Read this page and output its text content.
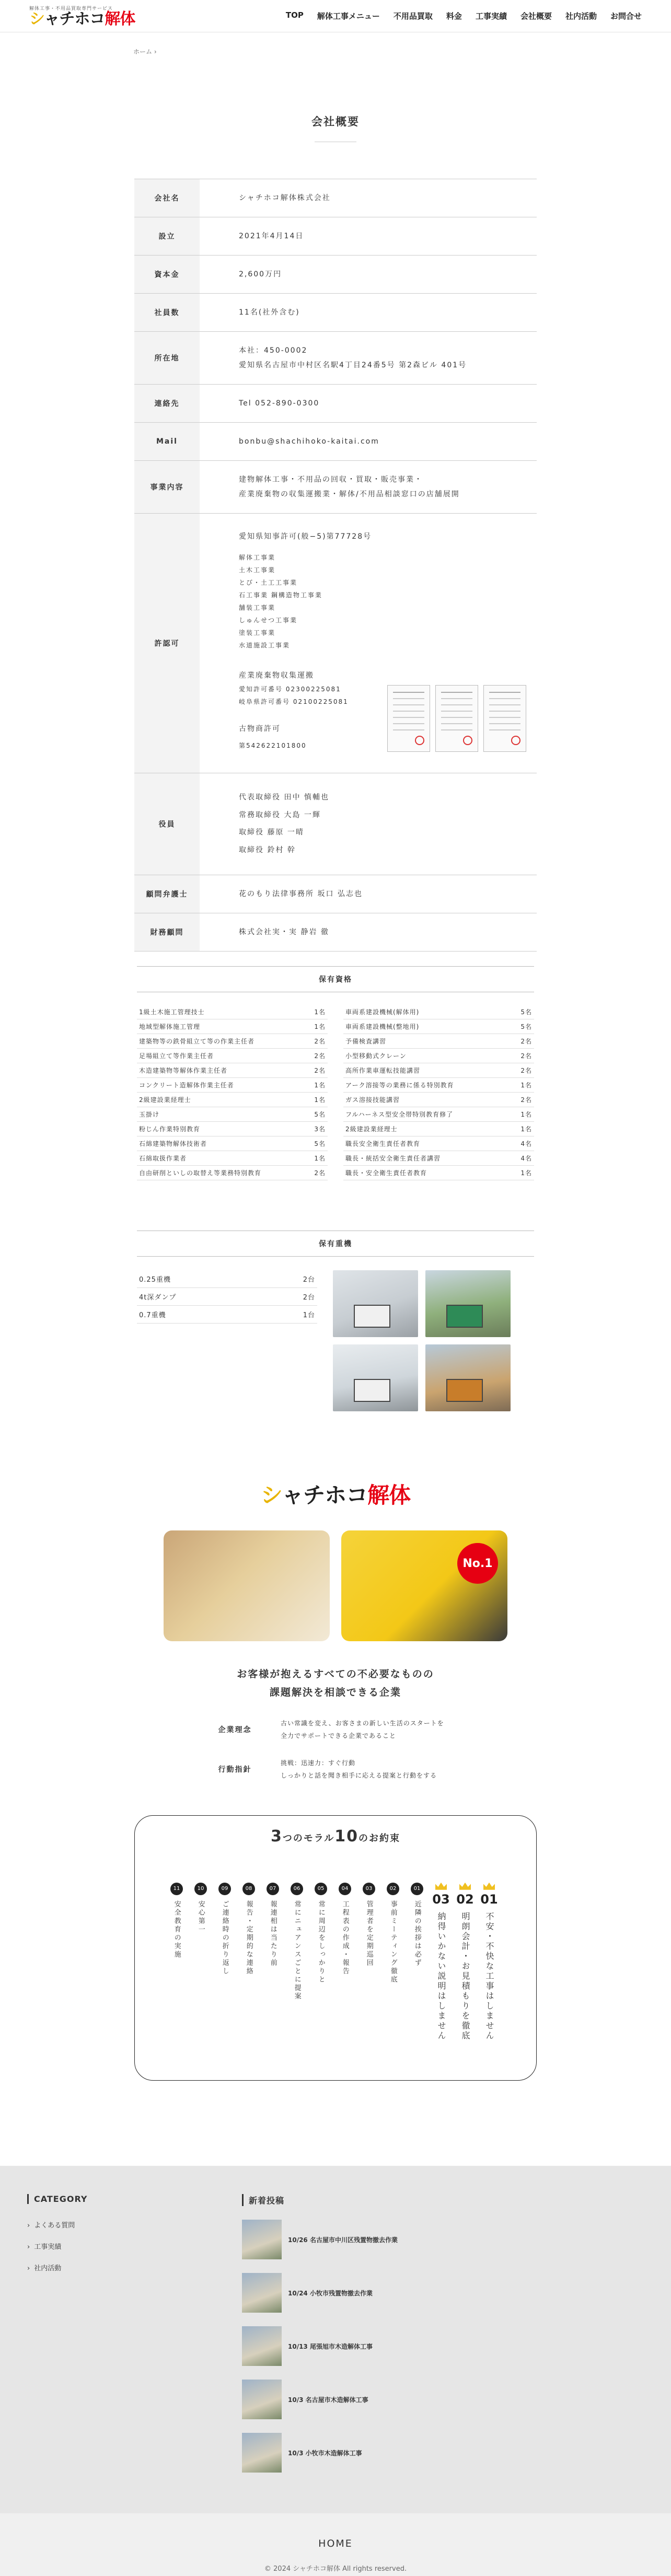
解体工事・不用品買取専門サービス
シャチホコ解体	TOP 解体工事メニュー 不用品買取 料金 工事実績 会社概要 社内活動 お問合せ
ホーム ›
会社概要
会社名	シャチホコ解体株式会社
設立	2021年4月14日
資本金	2,600万円
社員数	11名(社外含む)
所在地
本社：450-0002
愛知県名古屋市中村区名駅4丁目24番5号 第2森ビル 401号
連絡先	Tel 052-890-0300
Mail	bonbu@shachihoko-kaitai.com
事業内容
建物解体工事・不用品の回収・買取・販売事業・
産業廃棄物の収集運搬業・解体/不用品相談窓口の店舗展開
許認可
愛知県知事許可(般−5)第77728号
解体工事業
土木工事業
とび・土工工事業
石工事業 鋼構造物工事業
舗装工事業
しゅんせつ工事業
塗装工事業
水道施設工事業
産業廃棄物収集運搬
愛知許可番号 02300225081
岐阜県許可番号 02100225081
古物商許可
第542622101800
役員
代表取締役 田中 慎輔也
常務取締役 大島 一輝
取締役 藤原 一晴
取締役 鈴村 幹
顧問弁護士	花のもり法律事務所 坂口 弘志也
財務顧問	株式会社実・実 静岩 徹
保有資格
1級土木施工管理技士	1名
地域型解体施工管理	1名
建築物等の鉄骨組立て等の作業主任者	2名
足場組立て等作業主任者	2名
木造建築物等解体作業主任者	2名
コンクリート造解体作業主任者	1名
2級建設業経理士	1名
玉掛け	5名
粉じん作業特別教育	3名
石綿建築物解体技術者	5名
石綿取扱作業者	1名
自由研削といしの取替え等業務特別教育	2名
車両系建設機械(解体用)	5名
車両系建設機械(整地用)	5名
予備検査講習	2名
小型移動式クレーン	2名
高所作業車運転技能講習	2名
アーク溶接等の業務に係る特別教育	1名
ガス溶接技能講習	2名
フルハーネス型安全帯特別教育修了	1名
2級建設業経理士	1名
職長安全衛生責任者教育	4名
職長・統括安全衛生責任者講習	4名
職長・安全衛生責任者教育	1名
保有重機
0.25重機	2台
4t深ダンプ	2台
0.7重機	1台
シャチホコ解体
No.1
お客様が抱えるすべての不必要なものの
課題解決を相談できる企業
企業理念
古い常識を変え、お客さまの新しい生活のスタートを
全力でサポートできる企業であること
行動指針
挑戦：迅速力：すぐ行動
しっかりと話を聞き相手に応える提案と行動をする
3つのモラル10のお約束
01
不安・不快な工事はしません
02
明朗会計・お見積もりを徹底
03
納得いかない説明はしません
01
近隣の挨拶は必ず
02
事前ミーティング徹底
03
管理者を定期巡回
04
工程表の作成・報告
05
常に周辺をしっかりと
06
常にニュアンスごとに提案
07
報連相は当たり前
08
報告・定期的な連絡
09
ご連絡時の折り返し
10
安心第一
11
安全教育の実施
CATEGORY
› よくある質問
› 工事実績
› 社内活動
新着投稿
10/26 名古屋市中川区残置物撤去作業
10/24 小牧市残置物撤去作業
10/13 尾張旭市木造解体工事
10/3 名古屋市木造解体工事
10/3 小牧市木造解体工事
HOME
© 2024 シャチホコ解体 All rights reserved.
